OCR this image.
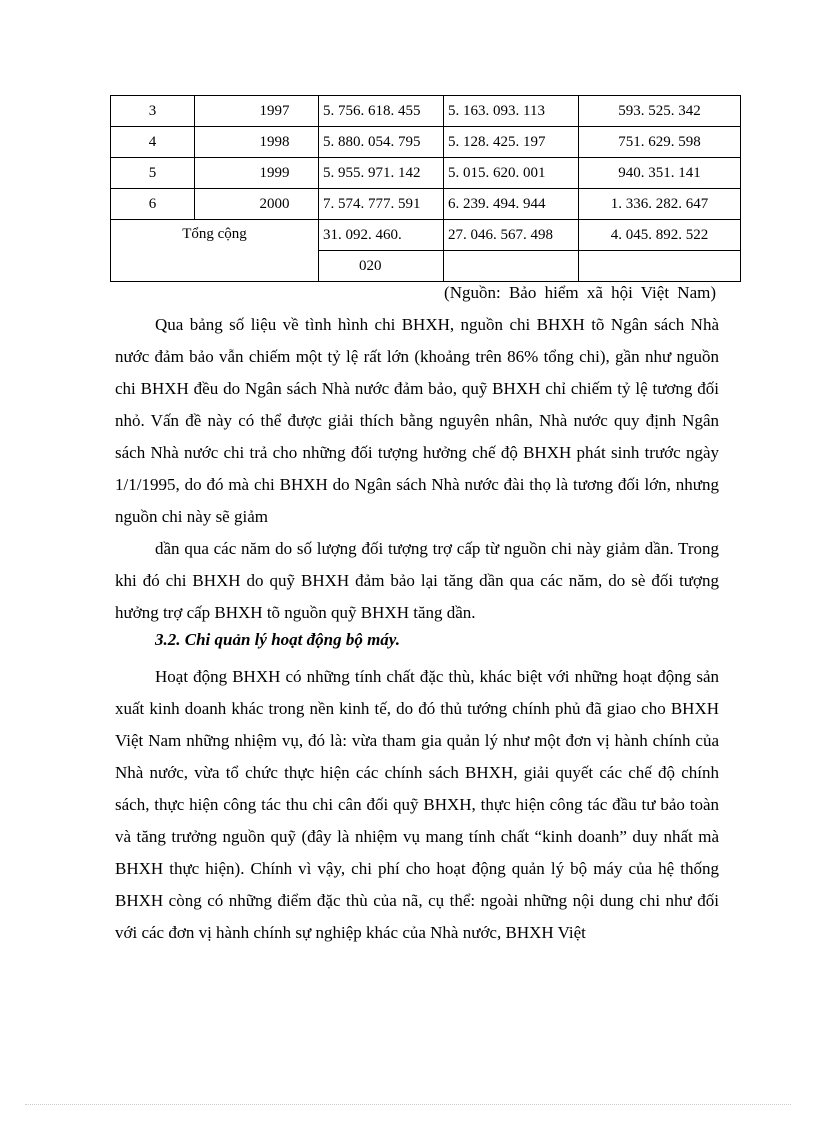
3	1997	5. 756. 618. 455	5. 163. 093. 113	593. 525. 342
4	1998	5. 880. 054. 795	5. 128. 425. 197	751. 629. 598
5	1999	5. 955. 971. 142	5. 015. 620. 001	940. 351. 141
6	2000	7. 574. 777. 591	6. 239. 494. 944	1. 336. 282. 647
Tổng cộng		31. 092. 460.	27. 046. 567. 498	4. 045. 892. 522
		020		
(Nguồn: Bảo hiểm xã hội Việt Nam)

Qua bảng số liệu về tình hình chi BHXH, nguồn chi BHXH tõ Ngân sách Nhà nước đảm bảo vẫn chiếm một tỷ lệ rất lớn (khoảng trên 86% tổng chi), gần như nguồn chi BHXH đều do Ngân sách Nhà nước đảm bảo, quỹ BHXH chỉ chiếm tỷ lệ tương đối nhỏ. Vấn đề này có thể được giải thích bằng nguyên nhân, Nhà nước quy định Ngân sách Nhà nước chi trả cho những đối tượng hưởng chế độ BHXH phát sinh trước ngày 1/1/1995, do đó mà chi BHXH do Ngân sách Nhà nước đài thọ là tương đối lớn, nhưng nguồn chi này sẽ giảm

dần qua các năm do số lượng đối tượng trợ cấp từ nguồn chi này giảm dần. Trong khi đó chi BHXH do quỹ BHXH đảm bảo lại tăng dần qua các năm, do sè đối tượng hưởng trợ cấp BHXH tõ nguồn quỹ BHXH tăng dần.

3.2. Chi quản lý hoạt động bộ máy.

Hoạt động BHXH có những tính chất đặc thù, khác biệt với những hoạt động sản xuất kinh doanh khác trong nền kinh tế, do đó thủ tướng chính phủ đã giao cho BHXH Việt Nam những nhiệm vụ, đó là: vừa tham gia quản lý như một đơn vị hành chính của Nhà nước, vừa tổ chức thực hiện các chính sách BHXH, giải quyết các chế độ chính sách, thực hiện công tác thu chi cân đối quỹ BHXH, thực hiện công tác đầu tư bảo toàn và tăng trưởng nguồn quỹ (đây là nhiệm vụ mang tính chất “kinh doanh” duy nhất mà BHXH thực hiện). Chính vì vậy, chi phí cho hoạt động quản lý bộ máy của hệ thống BHXH còng có những điểm đặc thù của nã, cụ thể: ngoài những nội dung chi như đối với các đơn vị hành chính sự nghiệp khác của Nhà nước, BHXH Việt
